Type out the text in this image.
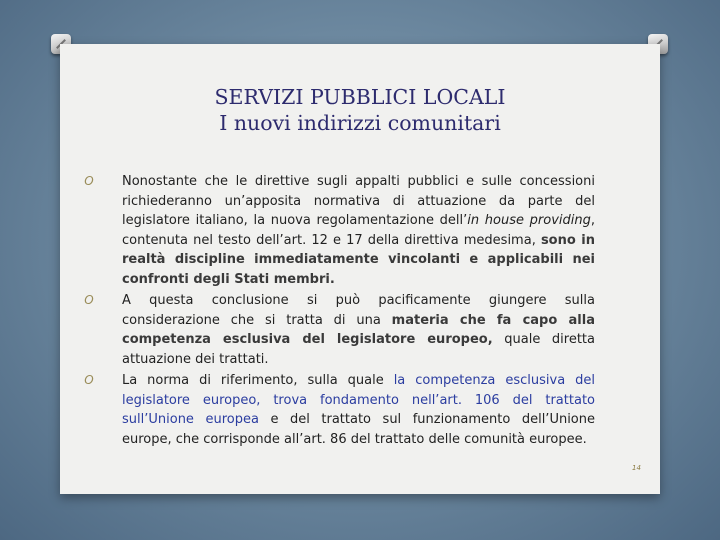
SERVIZI PUBBLICI LOCALI
I nuovi indirizzi comunitari
O Nonostante che le direttive sugli appalti pubblici e sulle concessioni richiederanno un’apposita normativa di attuazione da parte del legislatore italiano, la nuova regolamentazione dell’in house providing, contenuta nel testo dell’art. 12 e 17 della direttiva medesima, sono in realtà discipline immediatamente vincolanti e applicabili nei confronti degli Stati membri.
O A questa conclusione si può pacificamente giungere sulla considerazione che si tratta di una materia che fa capo alla competenza esclusiva del legislatore europeo, quale diretta attuazione dei trattati.
O La norma di riferimento, sulla quale la competenza esclusiva del legislatore europeo, trova fondamento nell’art. 106 del trattato sull’Unione europea e del trattato sul funzionamento dell’Unione europe, che corrisponde all’art. 86 del trattato delle comunità europee.
14
